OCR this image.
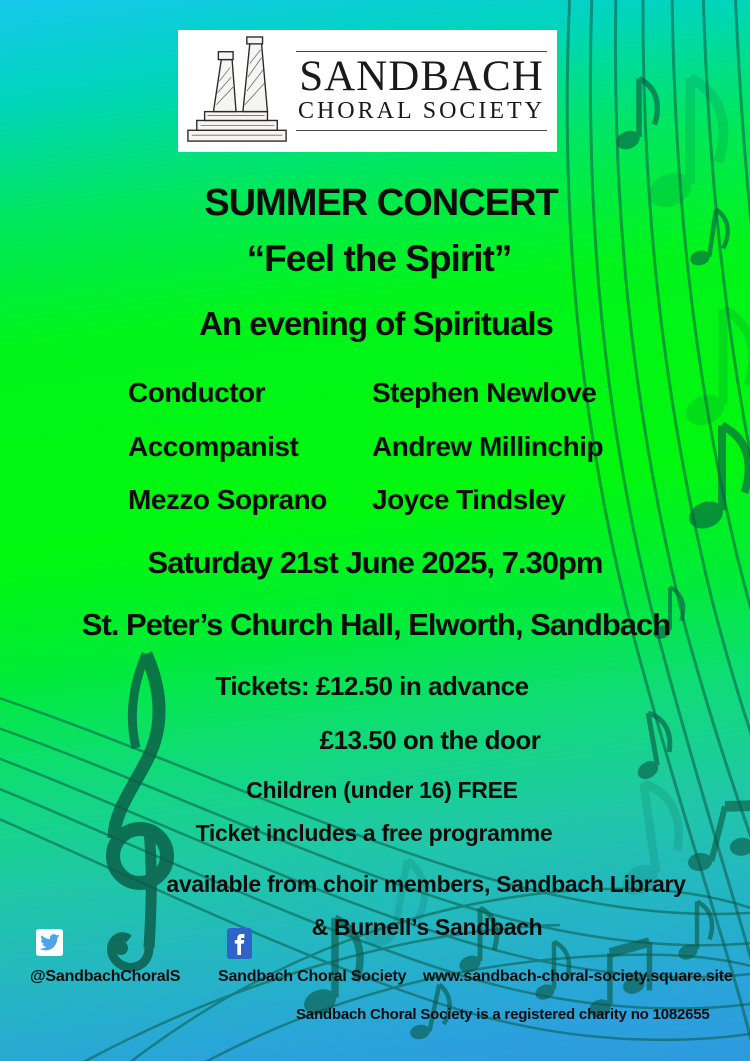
SANDBACH
CHORAL SOCIETY
SUMMER CONCERT
“Feel the Spirit”
An evening of Spirituals
Conductor	Stephen Newlove
Accompanist	Andrew Millinchip
Mezzo Soprano Joyce Tindsley
Saturday 21st June 2025, 7.30pm
St. Peter’s Church Hall, Elworth, Sandbach
Tickets: £12.50 in advance
£13.50 on the door
Children (under 16) FREE
Ticket includes a free programme
available from choir members, Sandbach Library
& Burnell’s Sandbach
@SandbachChoralS Sandbach Choral Society www.sandbach-choral-society.square.site
Sandbach Choral Society is a registered charity no 1082655
